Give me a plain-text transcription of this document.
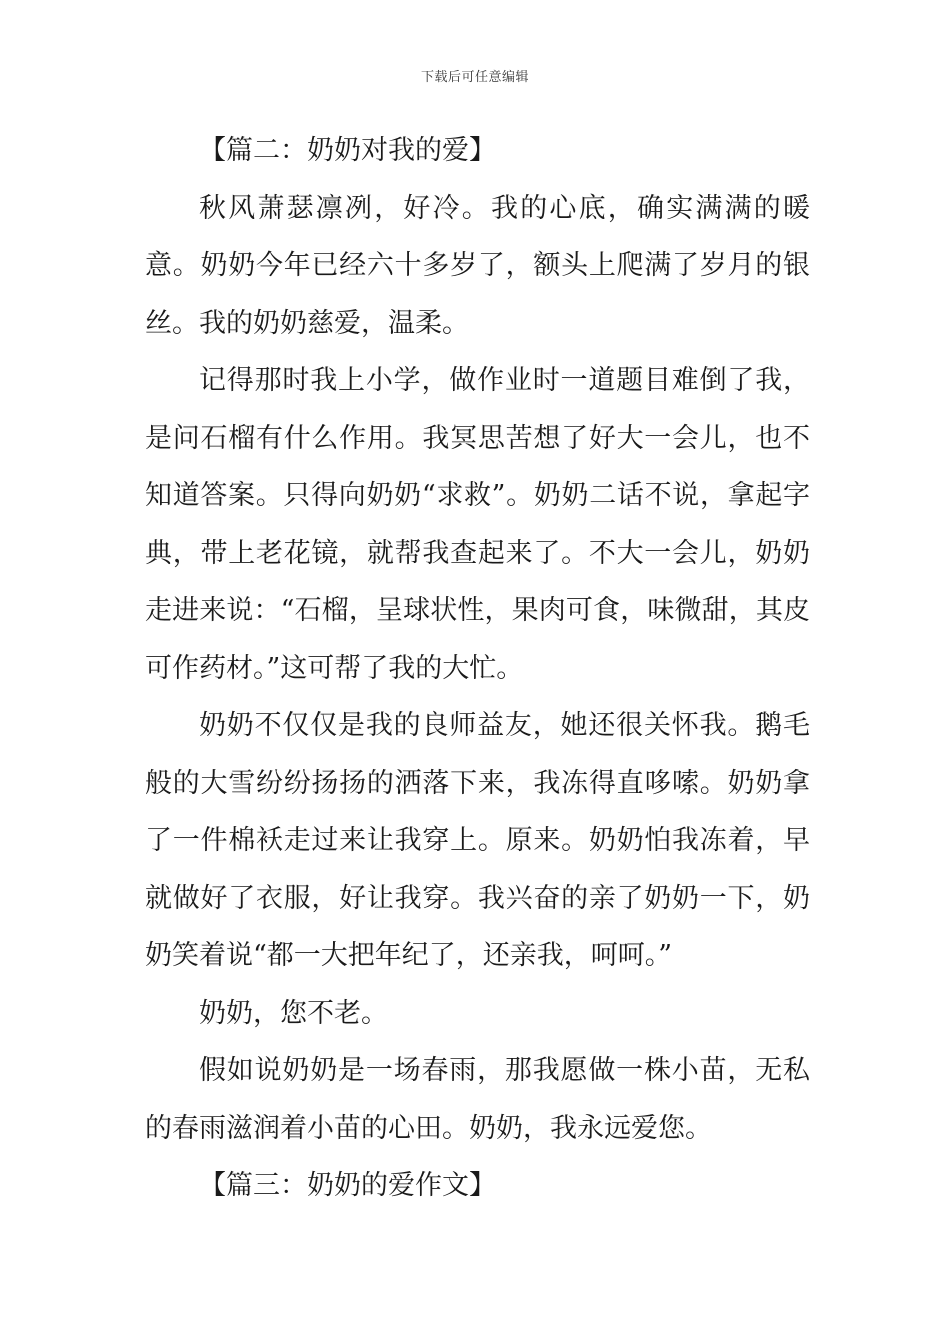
下载后可任意编辑

【篇二：奶奶对我的爱】

秋风萧瑟凛冽，好冷。我的心底，确实满满的暖意。奶奶今年已经六十多岁了，额头上爬满了岁月的银丝。我的奶奶慈爱，温柔。

记得那时我上小学，做作业时一道题目难倒了我，是问石榴有什么作用。我冥思苦想了好大一会儿，也不知道答案。只得向奶奶“求救”。奶奶二话不说，拿起字典，带上老花镜，就帮我查起来了。不大一会儿，奶奶走进来说：“石榴，呈球状性，果肉可食，味微甜，其皮可作药材。”这可帮了我的大忙。

奶奶不仅仅是我的良师益友，她还很关怀我。鹅毛般的大雪纷纷扬扬的洒落下来，我冻得直哆嗦。奶奶拿了一件棉袄走过来让我穿上。原来。奶奶怕我冻着，早就做好了衣服，好让我穿。我兴奋的亲了奶奶一下，奶奶笑着说“都一大把年纪了，还亲我，呵呵。”

奶奶，您不老。

假如说奶奶是一场春雨，那我愿做一株小苗，无私的春雨滋润着小苗的心田。奶奶，我永远爱您。

【篇三：奶奶的爱作文】
